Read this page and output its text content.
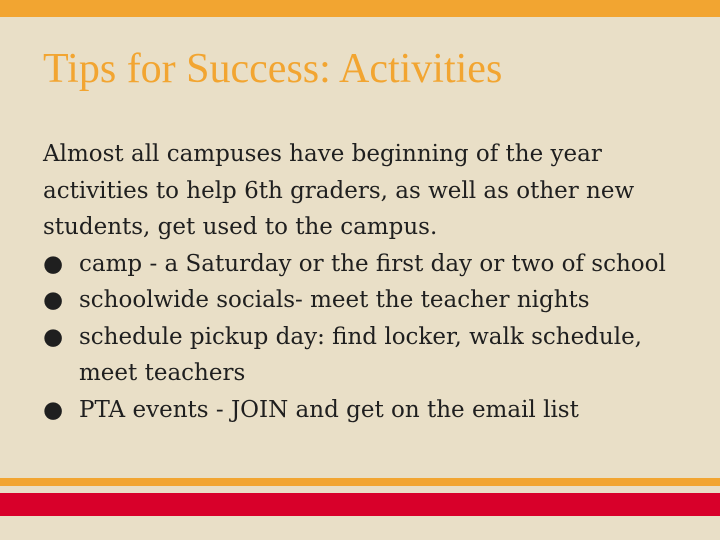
Tips for Success: Activities

Almost all campuses have beginning of the year activities to help 6th graders, as well as other new students, get used to the campus.

● camp - a Saturday or the first day or two of school
● schoolwide socials- meet the teacher nights
● schedule pickup day: find locker, walk schedule, meet teachers
● PTA events - JOIN and get on the email list
